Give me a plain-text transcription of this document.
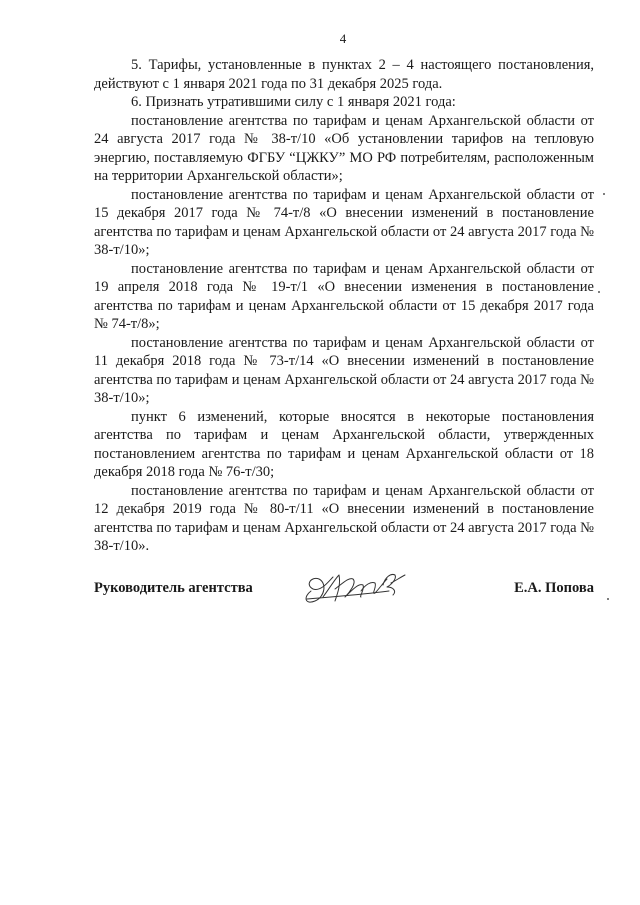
4

5. Тарифы, установленные в пунктах 2 – 4 настоящего постановления, действуют с 1 января 2021 года по 31 декабря 2025 года.

6. Признать утратившими силу с 1 января 2021 года:

постановление агентства по тарифам и ценам Архангельской области от 24 августа 2017 года № 38-т/10 «Об установлении тарифов на тепловую энергию, поставляемую ФГБУ “ЦЖКУ” МО РФ потребителям, расположенным на территории Архангельской области»;

постановление агентства по тарифам и ценам Архангельской области от 15 декабря 2017 года № 74-т/8 «О внесении изменений в постановление агентства по тарифам и ценам Архангельской области от 24 августа 2017 года № 38-т/10»;

постановление агентства по тарифам и ценам Архангельской области от 19 апреля 2018 года № 19-т/1 «О внесении изменения в постановление агентства по тарифам и ценам Архангельской области от 15 декабря 2017 года № 74-т/8»;

постановление агентства по тарифам и ценам Архангельской области от 11 декабря 2018 года № 73-т/14 «О внесении изменений в постановление агентства по тарифам и ценам Архангельской области от 24 августа 2017 года № 38-т/10»;

пункт 6 изменений, которые вносятся в некоторые постановления агентства по тарифам и ценам Архангельской области, утвержденных постановлением агентства по тарифам и ценам Архангельской области от 18 декабря 2018 года № 76-т/30;

постановление агентства по тарифам и ценам Архангельской области от 12 декабря 2019 года № 80-т/11 «О внесении изменений в постановление агентства по тарифам и ценам Архангельской области от 24 августа 2017 года № 38-т/10».

Руководитель агентства	Е.А. Попова
